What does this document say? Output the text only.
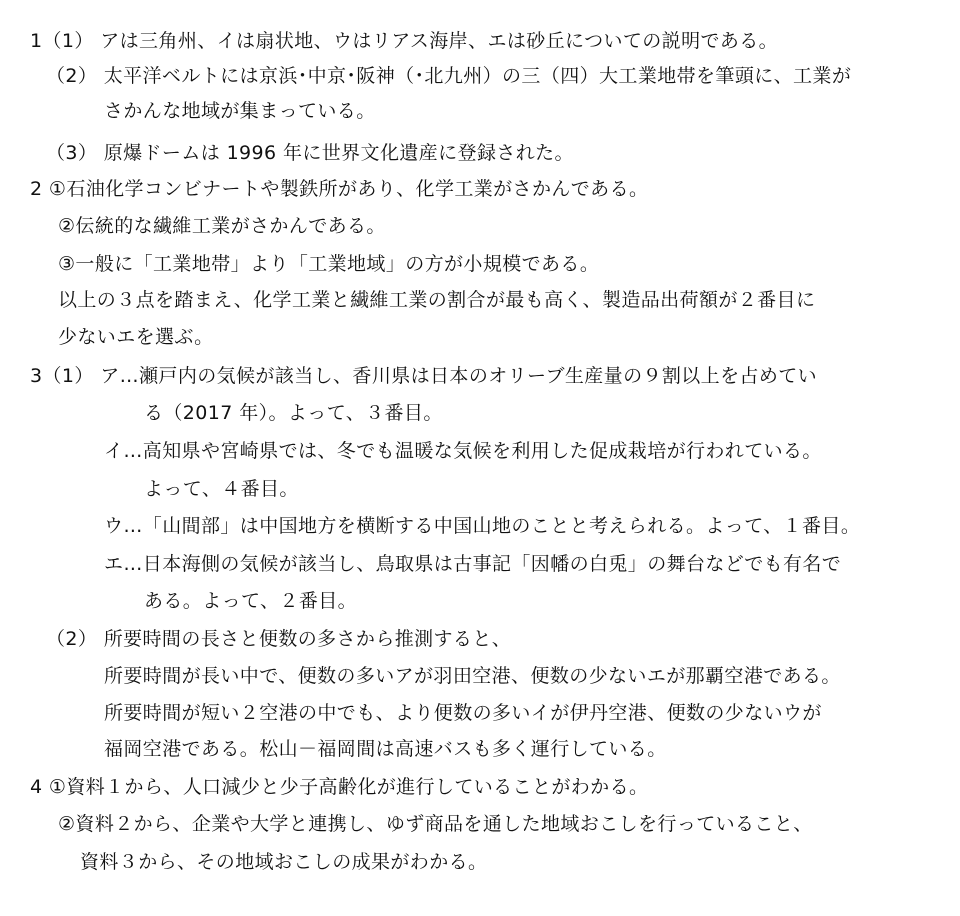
1（1） アは三角州、イは扇状地、ウはリアス海岸、エは砂丘についての説明である。
（2） 太平洋ベルトには京浜･中京･阪神（･北九州）の三（四）大工業地帯を筆頭に、工業が
さかんな地域が集まっている。
（3） 原爆ドームは 1996 年に世界文化遺産に登録された。
2 ①石油化学コンビナートや製鉄所があり、化学工業がさかんである。
②伝統的な繊維工業がさかんである。
③一般に「工業地帯」より「工業地域」の方が小規模である。
以上の３点を踏まえ、化学工業と繊維工業の割合が最も高く、製造品出荷額が２番目に
少ないエを選ぶ。
3（1） ア…瀬戸内の気候が該当し、香川県は日本のオリーブ生産量の９割以上を占めてい
る（2017 年）。よって、３番目。
イ…高知県や宮崎県では、冬でも温暖な気候を利用した促成栽培が行われている。
よって、４番目。
ウ…「山間部」は中国地方を横断する中国山地のことと考えられる。よって、１番目。
エ…日本海側の気候が該当し、鳥取県は古事記「因幡の白兎」の舞台などでも有名で
ある。よって、２番目。
（2） 所要時間の長さと便数の多さから推測すると、
所要時間が長い中で、便数の多いアが羽田空港、便数の少ないエが那覇空港である。
所要時間が短い２空港の中でも、より便数の多いイが伊丹空港、便数の少ないウが
福岡空港である。松山－福岡間は高速バスも多く運行している。
4 ①資料１から、人口減少と少子高齢化が進行していることがわかる。
②資料２から、企業や大学と連携し、ゆず商品を通した地域おこしを行っていること、
資料３から、その地域おこしの成果がわかる。
